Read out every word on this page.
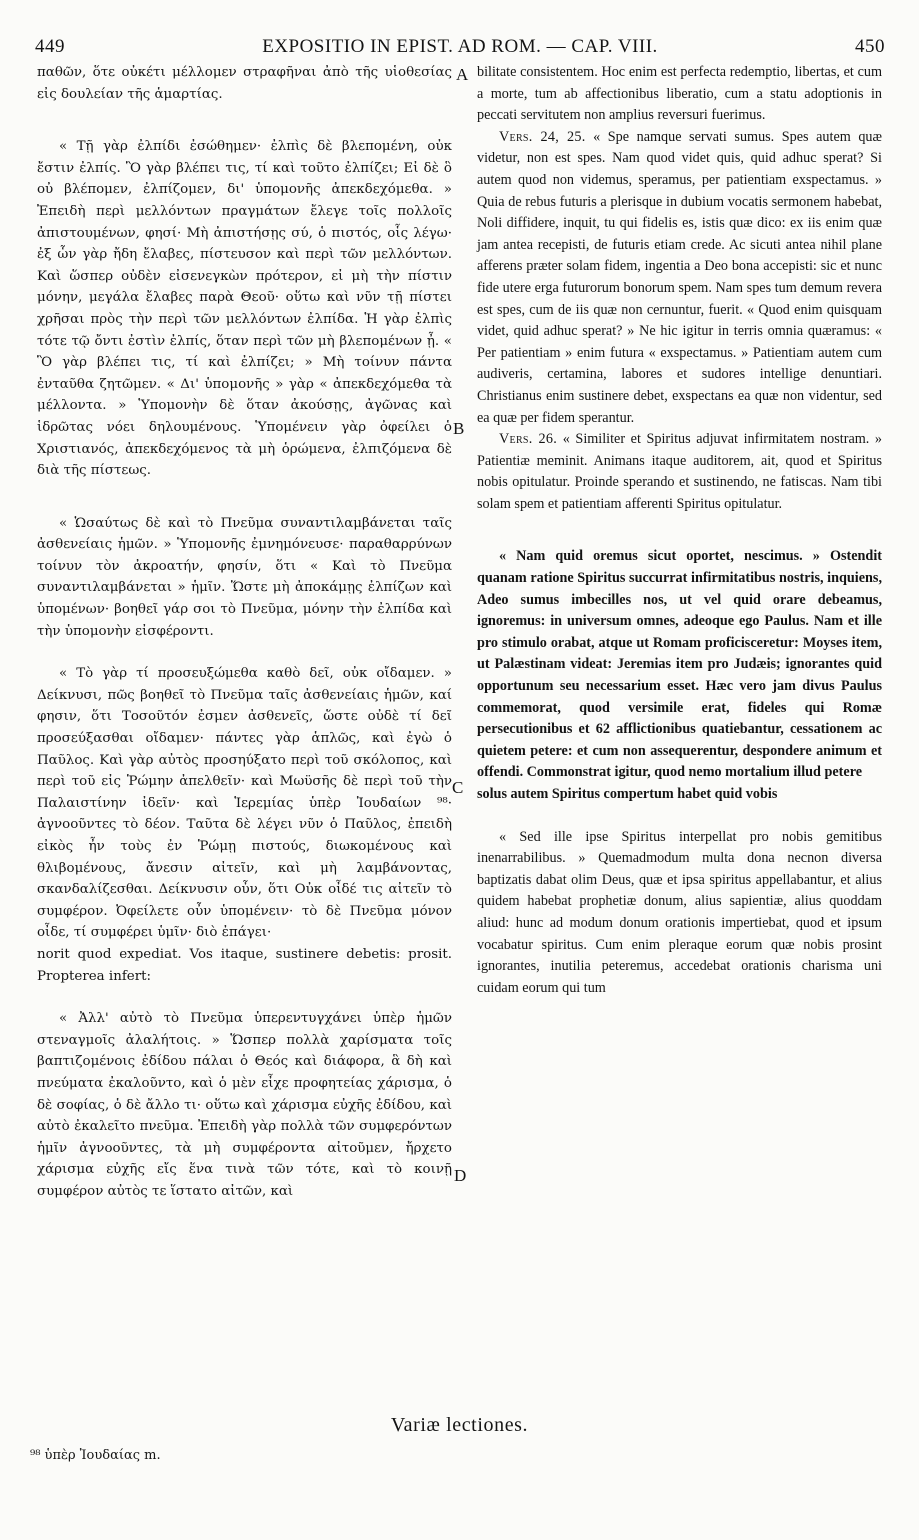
449	EXPOSITIO IN EPIST. AD ROM. — CAP. VIII.	450
A
B
C
D

παθῶν, ὅτε οὐκέτι μέλλομεν στραφῆναι ἀπὸ τῆς υἱοθεσίας εἰς δουλείαν τῆς ἁμαρτίας.

« Τῇ γὰρ ἐλπίδι ἐσώθημεν· ἐλπὶς δὲ βλεπομένη, οὐκ ἔστιν ἐλπίς. Ὃ γὰρ βλέπει τις, τί καὶ τοῦτο ἐλπίζει; Εἰ δὲ ὃ οὐ βλέπομεν, ἐλπίζομεν, δι' ὑπομονῆς ἀπεκδεχόμεθα. » Ἐπειδὴ περὶ μελλόντων πραγμάτων ἔλεγε τοῖς πολλοῖς ἀπιστουμένων, φησί· Μὴ ἀπιστήσῃς σύ, ὁ πιστός, οἷς λέγω· ἐξ ὧν γὰρ ἤδη ἔλαβες, πίστευσον καὶ περὶ τῶν μελλόντων. Καὶ ὥσπερ οὐδὲν εἰσενεγκὼν πρότερον, εἰ μὴ τὴν πίστιν μόνην, μεγάλα ἔλαβες παρὰ Θεοῦ· οὕτω καὶ νῦν τῇ πίστει χρῆσαι πρὸς τὴν περὶ τῶν μελλόντων ἐλπίδα. Ἡ γὰρ ἐλπὶς τότε τῷ ὄντι ἐστὶν ἐλπίς, ὅταν περὶ τῶν μὴ βλεπομένων ᾖ. « Ὃ γὰρ βλέπει τις, τί καὶ ἐλπίζει; » Μὴ τοίνυν πάντα ἐνταῦθα ζητῶμεν. « Δι' ὑπομονῆς » γὰρ « ἀπεκδεχόμεθα τὰ μέλλοντα. » Ὑπομονὴν δὲ ὅταν ἀκούσῃς, ἀγῶνας καὶ ἱδρῶτας νόει δηλουμένους. Ὑπομένειν γὰρ ὀφείλει ὁ Χριστιανός, ἀπεκδεχόμενος τὰ μὴ ὁρώμενα, ἐλπιζόμενα δὲ διὰ τῆς πίστεως.

« Ὡσαύτως δὲ καὶ τὸ Πνεῦμα συναντιλαμβάνεται ταῖς ἀσθενείαις ἡμῶν. » Ὑπομονῆς ἐμνημόνευσε· παραθαρρύνων τοίνυν τὸν ἀκροατήν, φησίν, ὅτι « Καὶ τὸ Πνεῦμα συναντιλαμβάνεται » ἡμῖν. Ὥστε μὴ ἀποκάμῃς ἐλπίζων καὶ ὑπομένων· βοηθεῖ γάρ σοι τὸ Πνεῦμα, μόνην τὴν ἐλπίδα καὶ τὴν ὑπομονὴν εἰσφέροντι.

« Τὸ γὰρ τί προσευξώμεθα καθὸ δεῖ, οὐκ οἴδαμεν. » Δείκνυσι, πῶς βοηθεῖ τὸ Πνεῦμα ταῖς ἀσθενείαις ἡμῶν, καί φησιν, ὅτι Τοσοῦτόν ἐσμεν ἀσθενεῖς, ὥστε οὐδὲ τί δεῖ προσεύξασθαι οἴδαμεν· πάντες γὰρ ἁπλῶς, καὶ ἐγὼ ὁ Παῦλος. Καὶ γὰρ αὐτὸς προσηύξατο περὶ τοῦ σκόλοπος, καὶ περὶ τοῦ εἰς Ῥώμην ἀπελθεῖν· καὶ Μωϋσῆς δὲ περὶ τοῦ τὴν Παλαιστίνην ἰδεῖν· καὶ Ἱερεμίας ὑπὲρ Ἰουδαίων ⁹⁸· ἀγνοοῦντες τὸ δέον. Ταῦτα δὲ λέγει νῦν ὁ Παῦλος, ἐπειδὴ εἰκὸς ἦν τοὺς ἐν Ῥώμῃ πιστούς, διωκομένους καὶ θλιβομένους, ἄνεσιν αἰτεῖν, καὶ μὴ λαμβάνοντας, σκανδαλίζεσθαι. Δείκνυσιν οὖν, ὅτι Οὐκ οἶδέ τις αἰτεῖν τὸ συμφέρον. Ὀφείλετε οὖν ὑπομένειν· τὸ δὲ Πνεῦμα μόνον οἶδε, τί συμφέρει ὑμῖν· διὸ ἐπάγει·

norit quod expediat. Vos itaque, sustinere debetis: prosit. Propterea infert:

« Ἀλλ' αὐτὸ τὸ Πνεῦμα ὑπερεντυγχάνει ὑπὲρ ἡμῶν στεναγμοῖς ἀλαλήτοις. » Ὥσπερ πολλὰ χαρίσματα τοῖς βαπτιζομένοις ἐδίδου πάλαι ὁ Θεός καὶ διάφορα, ἃ δὴ καὶ πνεύματα ἐκαλοῦντο, καὶ ὁ μὲν εἶχε προφητείας χάρισμα, ὁ δὲ σοφίας, ὁ δὲ ἄλλο τι· οὕτω καὶ χάρισμα εὐχῆς ἐδίδου, καὶ αὐτὸ ἐκαλεῖτο πνεῦμα. Ἐπειδὴ γὰρ πολλὰ τῶν συμφερόντων ἡμῖν ἀγνοοῦντες, τὰ μὴ συμφέροντα αἰτοῦμεν, ἤρχετο χάρισμα εὐχῆς εἴς ἕνα τινὰ τῶν τότε, καὶ τὸ κοινῇ συμφέρον αὐτὸς τε ἵστατο αἰτῶν, καὶ

bilitate consistentem. Hoc enim est perfecta redemptio, libertas, et cum a morte, tum ab affectionibus liberatio, cum a statu adoptionis in peccati servitutem non amplius reversuri fuerimus.

Vers. 24, 25. « Spe namque servati sumus. Spes autem quæ videtur, non est spes. Nam quod videt quis, quid adhuc sperat? Si autem quod non videmus, speramus, per patientiam exspectamus. » Quia de rebus futuris a plerisque in dubium vocatis sermonem habebat, Noli diffidere, inquit, tu qui fidelis es, istis quæ dico: ex iis enim quæ jam antea recepisti, de futuris etiam crede. Ac sicuti antea nihil plane afferens præter solam fidem, ingentia a Deo bona accepisti: sic et nunc fide utere erga futurorum bonorum spem. Nam spes tum demum revera est spes, cum de iis quæ non cernuntur, fuerit. « Quod enim quisquam videt, quid adhuc sperat? » Ne hic igitur in terris omnia quæramus: « Per patientiam » enim futura « exspectamus. » Patientiam autem cum audiveris, certamina, labores et sudores intellige denuntiari. Christianus enim sustinere debet, exspectans ea quæ non videntur, sed ea quæ per fidem sperantur.

Vers. 26. « Similiter et Spiritus adjuvat infirmitatem nostram. » Patientiæ meminit. Animans itaque auditorem, ait, quod et Spiritus nobis opitulatur. Proinde sperando et sustinendo, ne fatiscas. Nam tibi solam spem et patientiam afferenti Spiritus opitulatur.

« Nam quid oremus sicut oportet, nescimus. » Ostendit quanam ratione Spiritus succurrat infirmitatibus nostris, inquiens, Adeo sumus imbecilles nos, ut vel quid orare debeamus, ignoremus: in universum omnes, adeoque ego Paulus. Nam et ille pro stimulo orabat, atque ut Romam proficisceretur: Moyses item, ut Palæstinam videat: Jeremias item pro Judæis; ignorantes quid opportunum seu necessarium esset. Hæc vero jam divus Paulus commemorat, quod versimile erat, fideles qui Romæ persecutionibus et 62 afflictionibus quatiebantur, cessationem ac quietem petere: et cum non assequerentur, despondere animum et offendi. Commonstrat igitur, quod nemo mortalium illud petere

solus autem Spiritus compertum habet quid vobis

« Sed ille ipse Spiritus interpellat pro nobis gemitibus inenarrabilibus. » Quemadmodum multa dona necnon diversa baptizatis dabat olim Deus, quæ et ipsa spiritus appellabantur, et alius quidem habebat prophetiæ donum, alius sapientiæ, alius quoddam aliud: hunc ad modum donum orationis impertiebat, quod et ipsum vocabatur spiritus. Cum enim pleraque eorum quæ nobis prosint ignorantes, inutilia peteremus, accedebat orationis charisma uni cuidam eorum qui tum

Variæ lectiones.
⁹⁸ ὑπὲρ Ἰουδαίας m.
